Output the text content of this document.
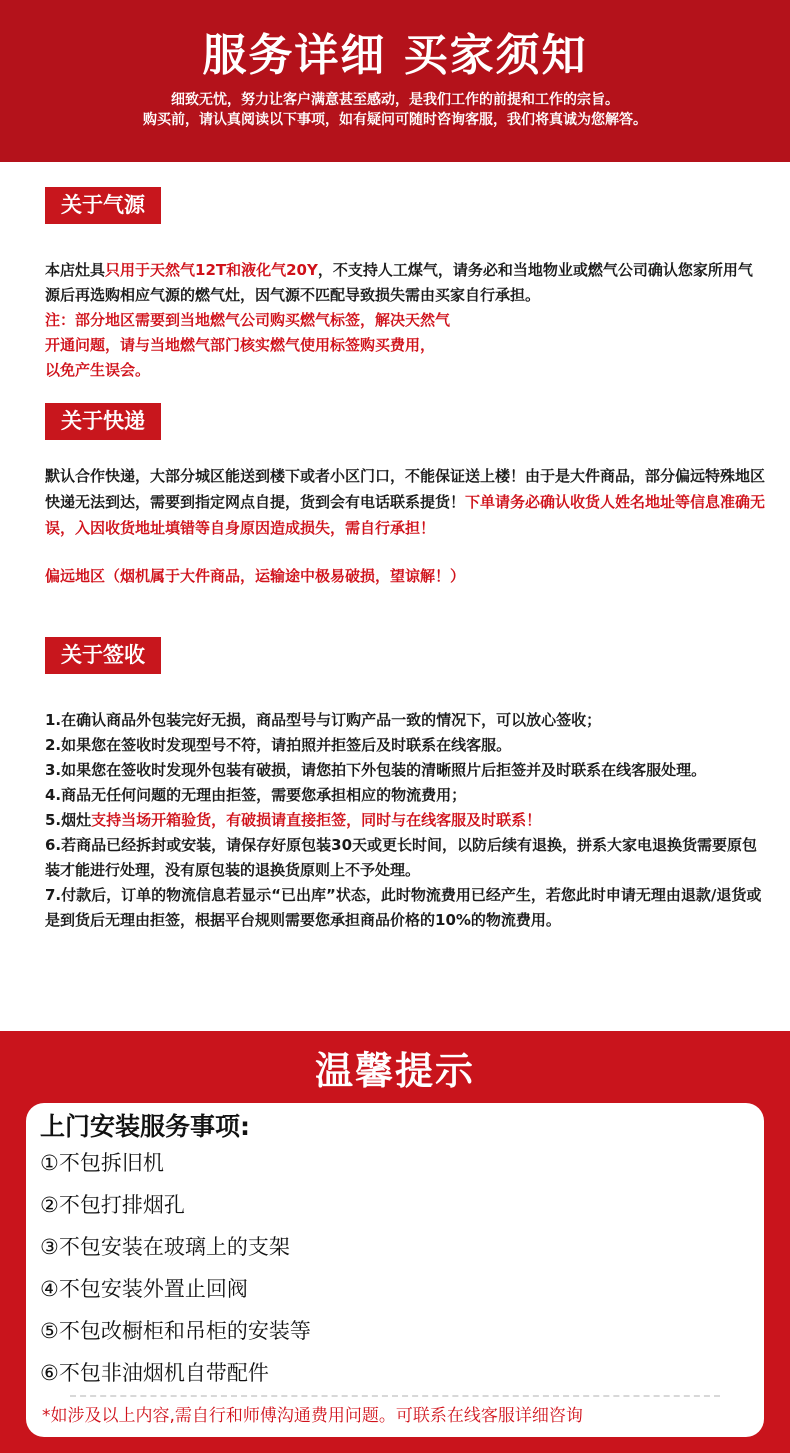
服务详细 买家须知
细致无忧，努力让客户满意甚至感动，是我们工作的前提和工作的宗旨。
购买前，请认真阅读以下事项，如有疑问可随时咨询客服，我们将真诚为您解答。
关于气源

本店灶具只用于天然气12T和液化气20Y，不支持人工煤气，请务必和当地物业或燃气公司确认您家所用气源后再选购相应气源的燃气灶，因气源不匹配导致损失需由买家自行承担。

注：部分地区需要到当地燃气公司购买燃气标签，解决天然气

开通问题，请与当地燃气部门核实燃气使用标签购买费用，

以免产生误会。

关于快递

默认合作快递，大部分城区能送到楼下或者小区门口，不能保证送上楼！由于是大件商品，部分偏远特殊地区快递无法到达，需要到指定网点自提，货到会有电话联系提货！下单请务必确认收货人姓名地址等信息准确无误，入因收货地址填错等自身原因造成损失，需自行承担！

偏远地区（烟机属于大件商品，运输途中极易破损，望谅解！）

关于签收

1.在确认商品外包装完好无损，商品型号与订购产品一致的情况下，可以放心签收；

2.如果您在签收时发现型号不符，请拍照并拒签后及时联系在线客服。

3.如果您在签收时发现外包装有破损，请您拍下外包装的清晰照片后拒签并及时联系在线客服处理。

4.商品无任何问题的无理由拒签，需要您承担相应的物流费用；

5.烟灶支持当场开箱验货，有破损请直接拒签，同时与在线客服及时联系！

6.若商品已经拆封或安装，请保存好原包装30天或更长时间，以防后续有退换，拼系大家电退换货需要原包装才能进行处理，没有原包装的退换货原则上不予处理。

7.付款后，订单的物流信息若显示“已出库”状态，此时物流费用已经产生，若您此时申请无理由退款/退货或是到货后无理由拒签，根据平台规则需要您承担商品价格的10%的物流费用。

温馨提示
上门安装服务事项:
①不包拆旧机
②不包打排烟孔
③不包安装在玻璃上的支架
④不包安装外置止回阀
⑤不包改橱柜和吊柜的安装等
⑥不包非油烟机自带配件
*如涉及以上内容,需自行和师傅沟通费用问题。可联系在线客服详细咨询
